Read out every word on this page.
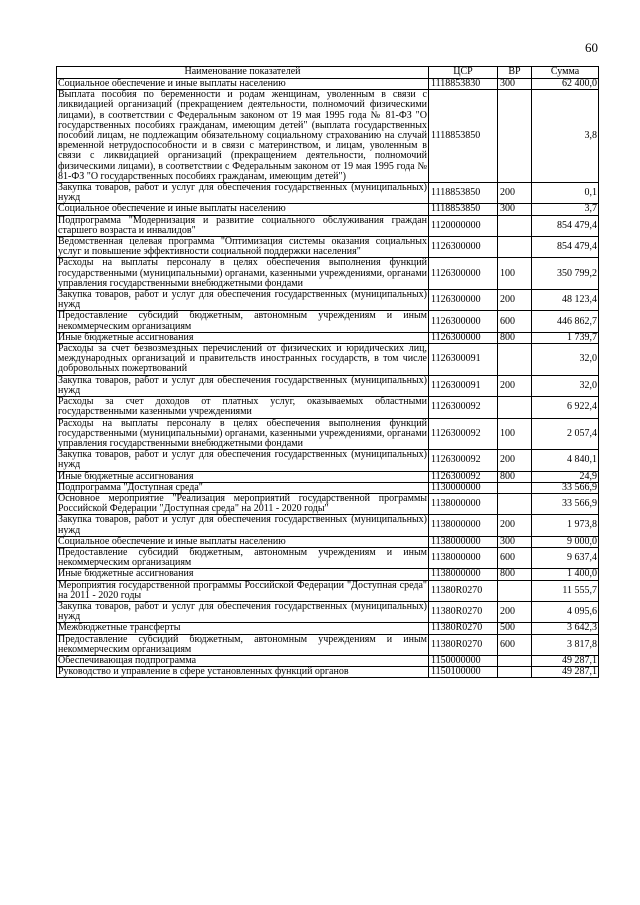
60
Наименование показателей	ЦСР	ВР	Сумма
Социальное обеспечение и иные выплаты населению	1118853830	300	62 400,0
Выплата пособия по беременности и родам женщинам, уволенным в связи с ликвидацией организаций (прекращением деятельности, полномочий физическими лицами), в соответствии с Федеральным законом от 19 мая 1995 года № 81-ФЗ "О государственных пособиях гражданам, имеющим детей" (выплата государственных пособий лицам, не подлежащим обязательному социальному страхованию на случай временной нетрудоспособности и в связи с материнством, и лицам, уволенным в связи с ликвидацией организаций (прекращением деятельности, полномочий физическими лицами), в соответствии с Федеральным законом от 19 мая 1995 года № 81-ФЗ "О государственных пособиях гражданам, имеющим детей")	1118853850		3,8
Закупка товаров, работ и услуг для обеспечения государственных (муниципальных) нужд	1118853850	200	0,1
Социальное обеспечение и иные выплаты населению	1118853850	300	3,7
Подпрограмма "Модернизация и развитие социального обслуживания граждан старшего возраста и инвалидов"	1120000000		854 479,4
Ведомственная целевая программа "Оптимизация системы оказания социальных услуг и повышение эффективности социальной поддержки населения"	1126300000		854 479,4
Расходы на выплаты персоналу в целях обеспечения выполнения функций государственными (муниципальными) органами, казенными учреждениями, органами управления государственными внебюджетными фондами	1126300000	100	350 799,2
Закупка товаров, работ и услуг для обеспечения государственных (муниципальных) нужд	1126300000	200	48 123,4
Предоставление субсидий бюджетным, автономным учреждениям и иным некоммерческим организациям	1126300000	600	446 862,7
Иные бюджетные ассигнования	1126300000	800	1 739,7
Расходы за счет безвозмездных перечислений от физических и юридических лиц, международных организаций и правительств иностранных государств, в том числе добровольных пожертвований	1126300091		32,0
Закупка товаров, работ и услуг для обеспечения государственных (муниципальных) нужд	1126300091	200	32,0
Расходы за счет доходов от платных услуг, оказываемых областными государственными казенными учреждениями	1126300092		6 922,4
Расходы на выплаты персоналу в целях обеспечения выполнения функций государственными (муниципальными) органами, казенными учреждениями, органами управления государственными внебюджетными фондами	1126300092	100	2 057,4
Закупка товаров, работ и услуг для обеспечения государственных (муниципальных) нужд	1126300092	200	4 840,1
Иные бюджетные ассигнования	1126300092	800	24,9
Подпрограмма "Доступная среда"	1130000000		33 566,9
Основное мероприятие "Реализация мероприятий государственной программы Российской Федерации "Доступная среда" на 2011 - 2020 годы"	1138000000		33 566,9
Закупка товаров, работ и услуг для обеспечения государственных (муниципальных) нужд	1138000000	200	1 973,8
Социальное обеспечение и иные выплаты населению	1138000000	300	9 000,0
Предоставление субсидий бюджетным, автономным учреждениям и иным некоммерческим организациям	1138000000	600	9 637,4
Иные бюджетные ассигнования	1138000000	800	1 400,0
Мероприятия государственной программы Российской Федерации "Доступная среда" на 2011 - 2020 годы	11380R0270		11 555,7
Закупка товаров, работ и услуг для обеспечения государственных (муниципальных) нужд	11380R0270	200	4 095,6
Межбюджетные трансферты	11380R0270	500	3 642,3
Предоставление субсидий бюджетным, автономным учреждениям и иным некоммерческим организациям	11380R0270	600	3 817,8
Обеспечивающая подпрограмма	1150000000		49 287,1
Руководство и управление в сфере установленных функций органов	1150100000		49 287,1
